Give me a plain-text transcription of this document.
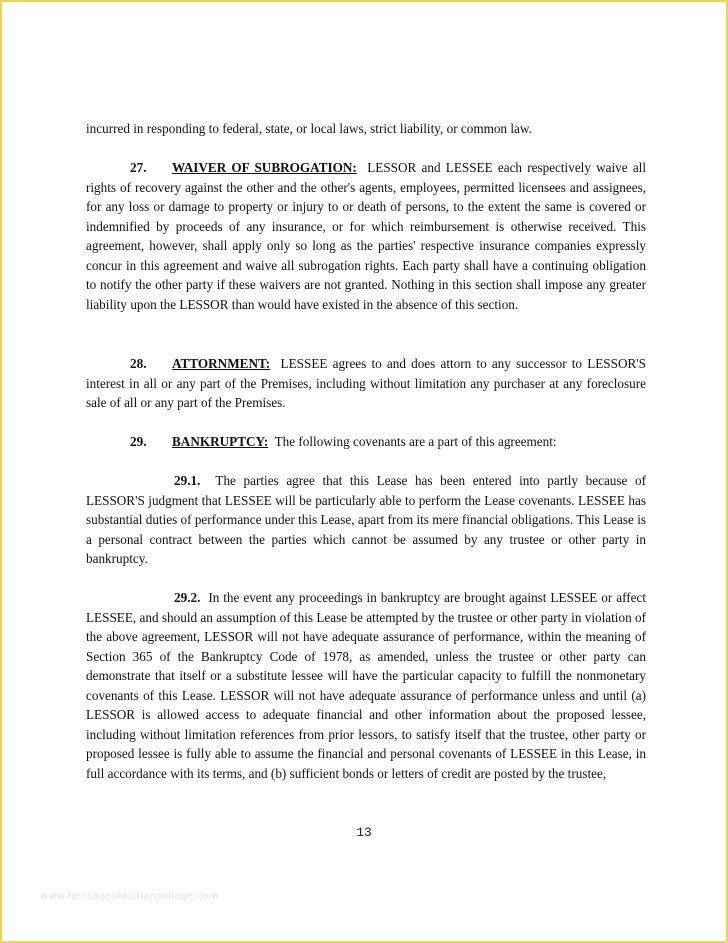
incurred in responding to federal, state, or local laws, strict liability, or common law.

27. WAIVER OF SUBROGATION: LESSOR and LESSEE each respectively waive all rights of recovery against the other and the other's agents, employees, permitted licensees and assignees, for any loss or damage to property or injury to or death of persons, to the extent the same is covered or indemnified by proceeds of any insurance, or for which reimbursement is otherwise received. This agreement, however, shall apply only so long as the parties' respective insurance companies expressly concur in this agreement and waive all subrogation rights. Each party shall have a continuing obligation to notify the other party if these waivers are not granted. Nothing in this section shall impose any greater liability upon the LESSOR than would have existed in the absence of this section.

28. ATTORNMENT: LESSEE agrees to and does attorn to any successor to LESSOR'S interest in all or any part of the Premises, including without limitation any purchaser at any foreclosure sale of all or any part of the Premises.

29. BANKRUPTCY: The following covenants are a part of this agreement:

29.1. The parties agree that this Lease has been entered into partly because of LESSOR'S judgment that LESSEE will be particularly able to perform the Lease covenants. LESSEE has substantial duties of performance under this Lease, apart from its mere financial obligations. This Lease is a personal contract between the parties which cannot be assumed by any trustee or other party in bankruptcy.

29.2. In the event any proceedings in bankruptcy are brought against LESSEE or affect LESSEE, and should an assumption of this Lease be attempted by the trustee or other party in violation of the above agreement, LESSOR will not have adequate assurance of performance, within the meaning of Section 365 of the Bankruptcy Code of 1978, as amended, unless the trustee or other party can demonstrate that itself or a substitute lessee will have the particular capacity to fulfill the nonmonetary covenants of this Lease. LESSOR will not have adequate assurance of performance unless and until (a) LESSOR is allowed access to adequate financial and other information about the proposed lessee, including without limitation references from prior lessors, to satisfy itself that the trustee, other party or proposed lessee is fully able to assume the financial and personal covenants of LESSEE in this Lease, in full accordance with its terms, and (b) sufficient bonds or letters of credit are posted by the trustee,

13
www.heritagechristiancollege.com
